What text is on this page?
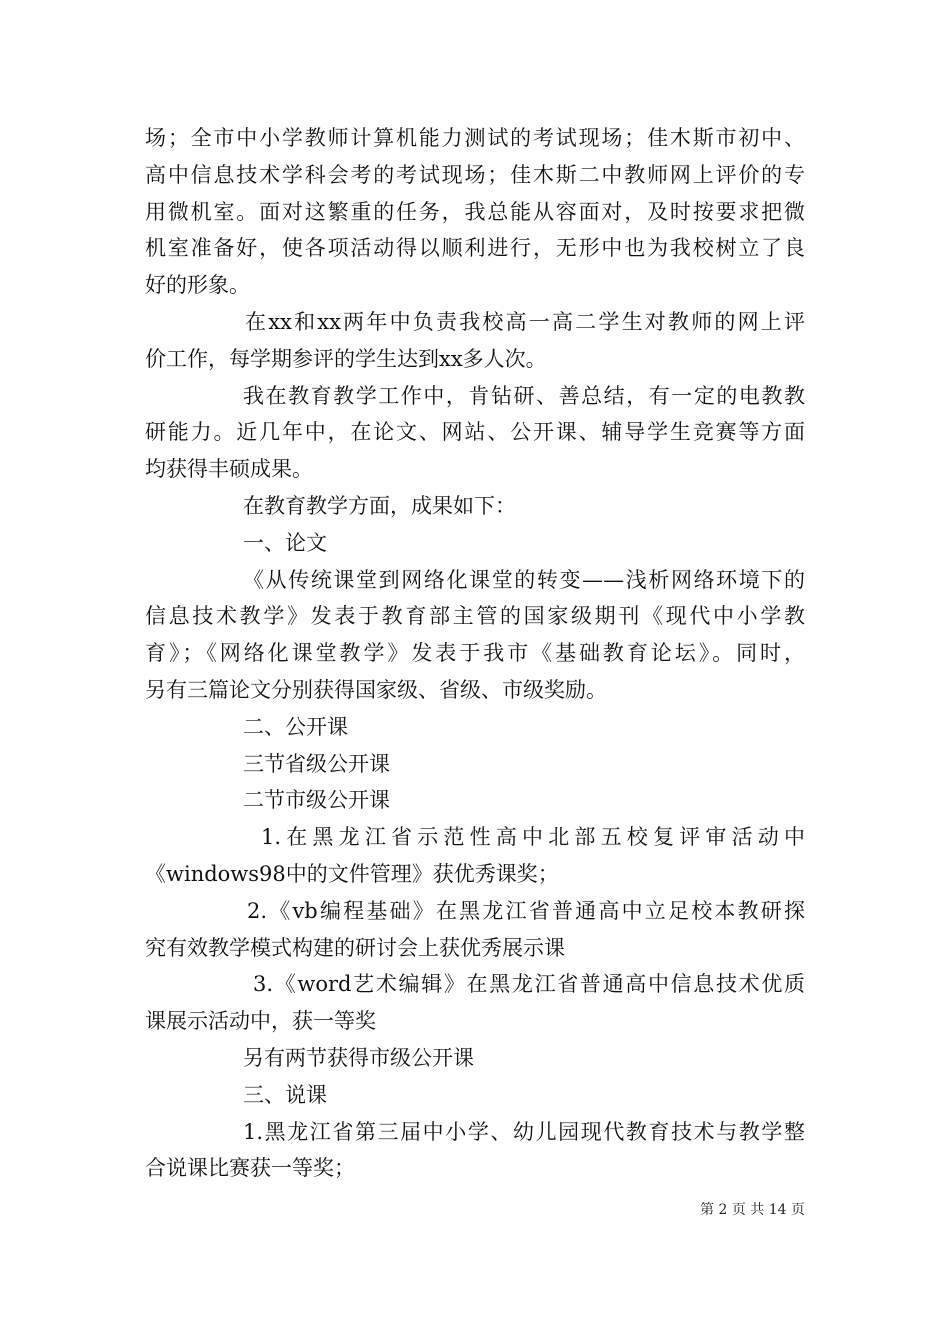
场；全市中小学教师计算机能力测试的考试现场；佳木斯市初中、
高中信息技术学科会考的考试现场；佳木斯二中教师网上评价的专
用微机室。面对这繁重的任务，我总能从容面对，及时按要求把微
机室准备好，使各项活动得以顺利进行，无形中也为我校树立了良
好的形象。
在xx和xx两年中负责我校高一高二学生对教师的网上评
价工作，每学期参评的学生达到xx多人次。
我在教育教学工作中，肯钻研、善总结，有一定的电教教
研能力。近几年中，在论文、网站、公开课、辅导学生竞赛等方面
均获得丰硕成果。
在教育教学方面，成果如下：
一、论文
《从传统课堂到网络化课堂的转变——浅析网络环境下的
信息技术教学》发表于教育部主管的国家级期刊《现代中小学教
育》；《网络化课堂教学》发表于我市《基础教育论坛》。同时，
另有三篇论文分别获得国家级、省级、市级奖励。
二、公开课
三节省级公开课
二节市级公开课
1.在黑龙江省示范性高中北部五校复评审活动中
《windows98中的文件管理》获优秀课奖；
2.《vb编程基础》在黑龙江省普通高中立足校本教研探
究有效教学模式构建的研讨会上获优秀展示课
3.《word艺术编辑》在黑龙江省普通高中信息技术优质
课展示活动中，获一等奖
另有两节获得市级公开课
三、说课
1.黑龙江省第三届中小学、幼儿园现代教育技术与教学整
合说课比赛获一等奖；
第 2 页 共 14 页
